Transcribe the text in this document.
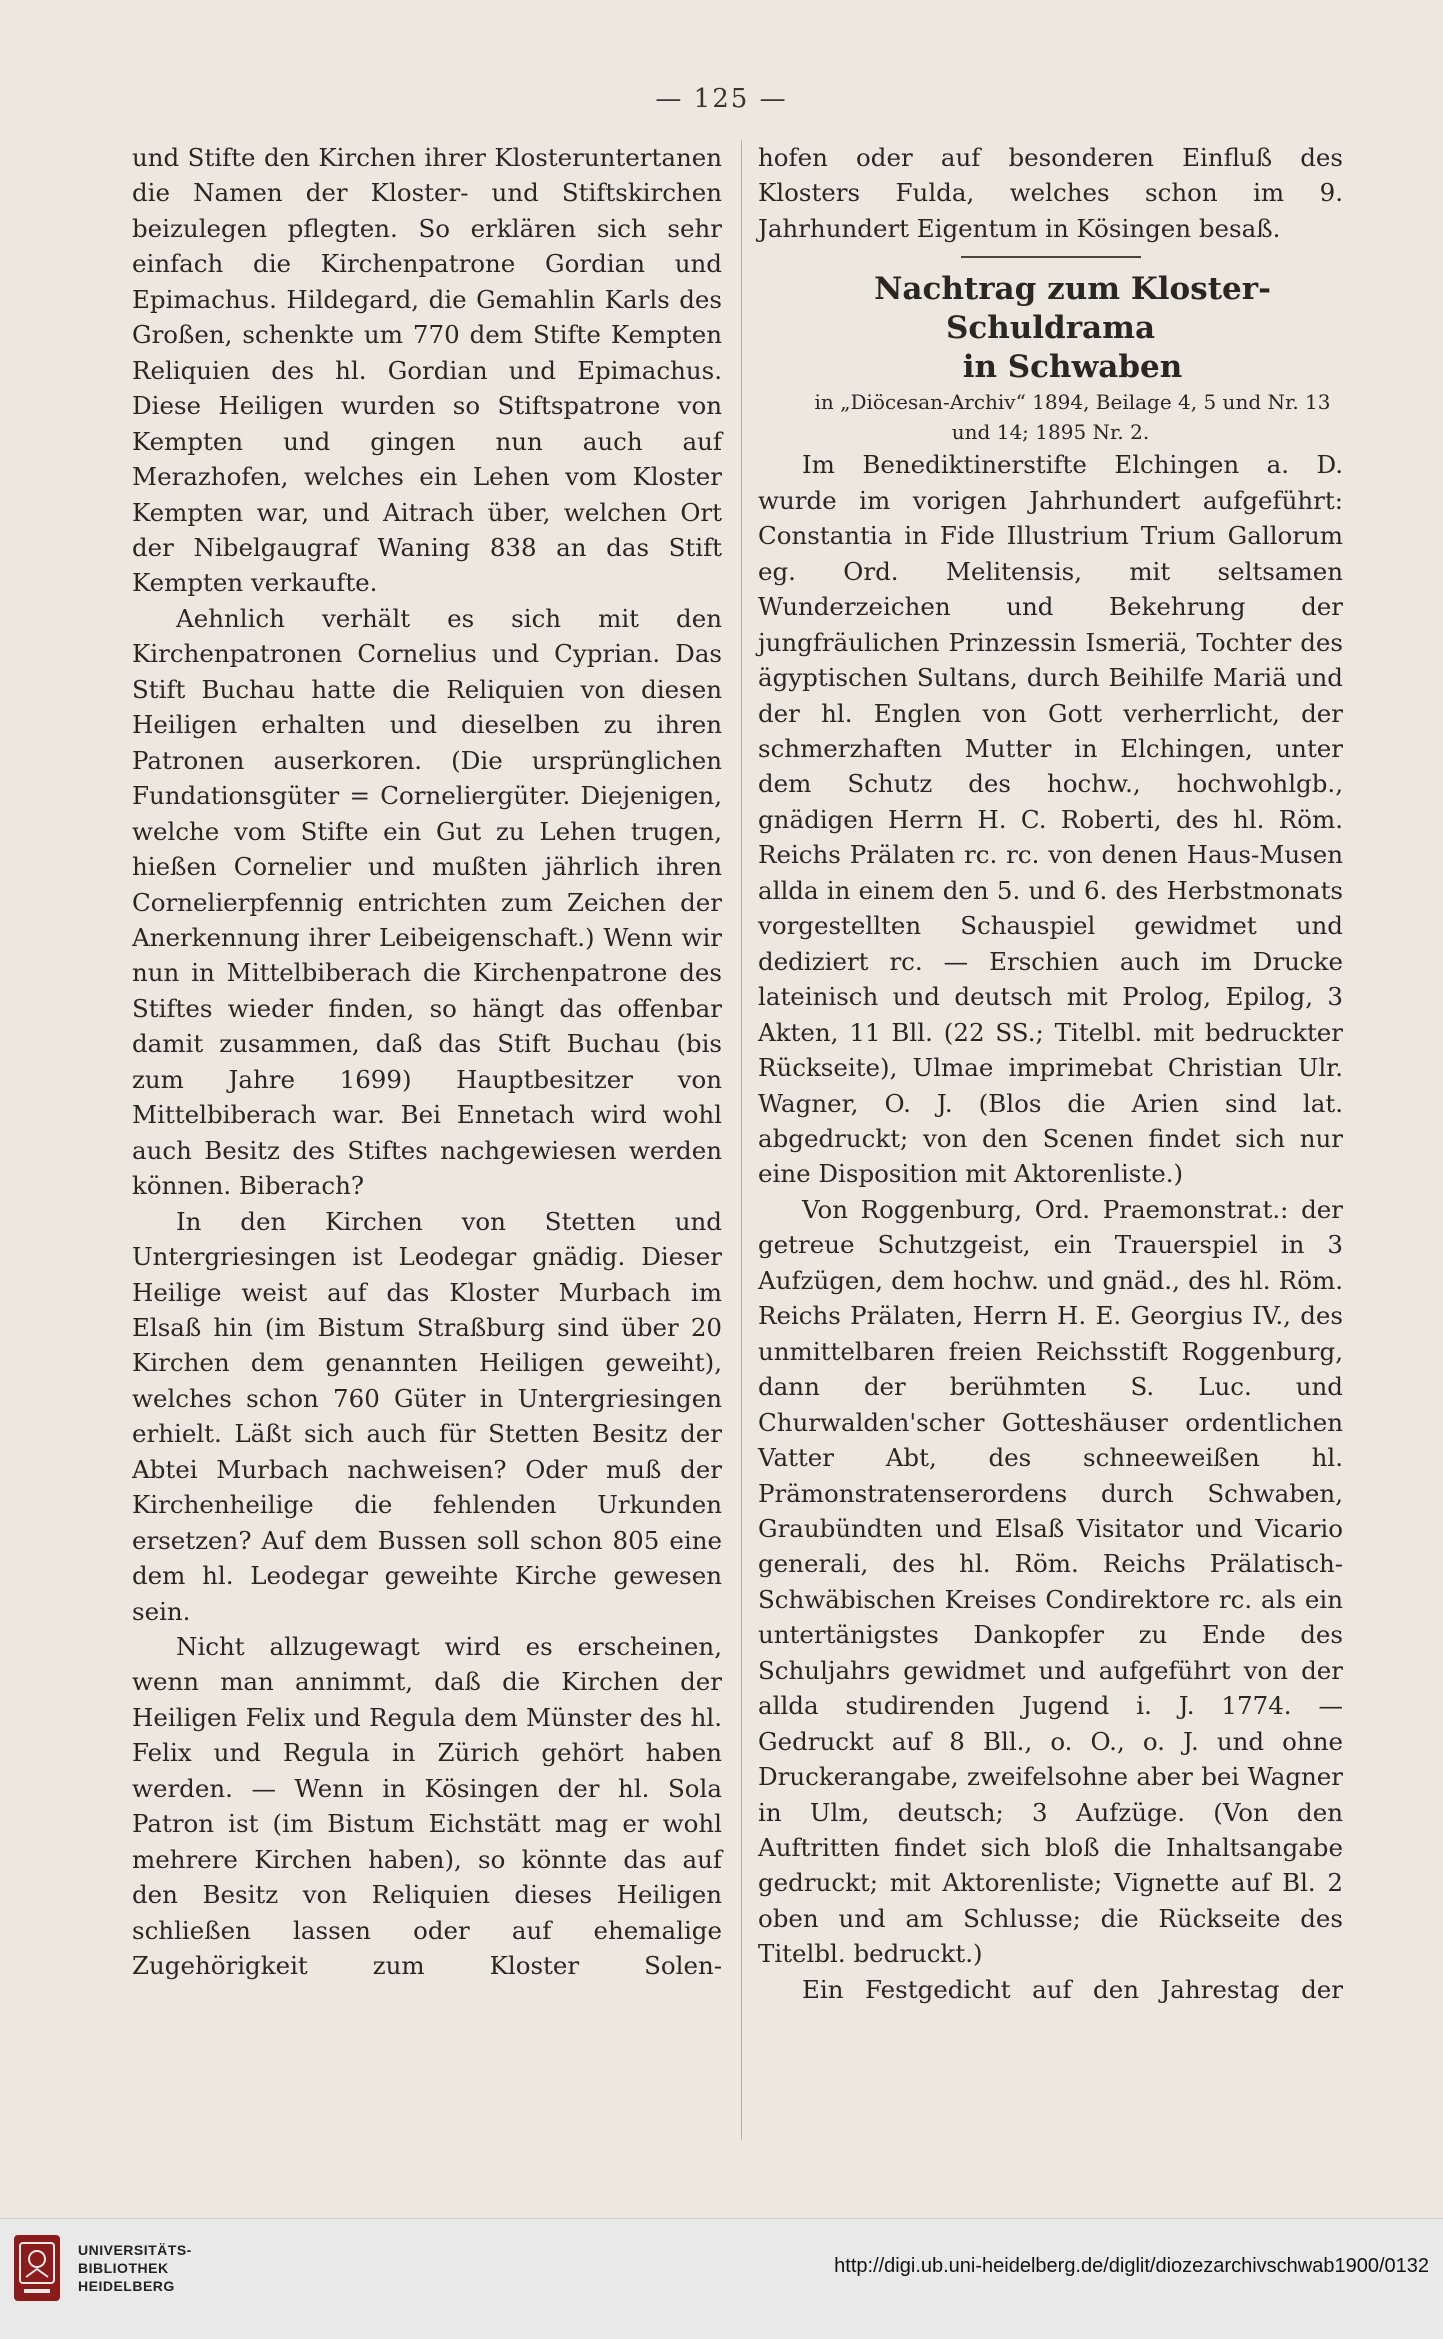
— 125 —

und Stifte den Kirchen ihrer Klosteruntertanen die Namen der Kloster- und Stiftskirchen beizulegen pflegten. So erklären sich sehr einfach die Kirchenpatrone Gordian und Epimachus. Hildegard, die Gemahlin Karls des Großen, schenkte um 770 dem Stifte Kempten Reliquien des hl. Gordian und Epimachus. Diese Heiligen wurden so Stiftspatrone von Kempten und gingen nun auch auf Merazhofen, welches ein Lehen vom Kloster Kempten war, und Aitrach über, welchen Ort der Nibelgaugraf Waning 838 an das Stift Kempten verkaufte.

Aehnlich verhält es sich mit den Kirchenpatronen Cornelius und Cyprian. Das Stift Buchau hatte die Reliquien von diesen Heiligen erhalten und dieselben zu ihren Patronen auserkoren. (Die ursprünglichen Fundationsgüter = Corneliergüter. Diejenigen, welche vom Stifte ein Gut zu Lehen trugen, hießen Cornelier und mußten jährlich ihren Cornelierpfennig entrichten zum Zeichen der Anerkennung ihrer Leibeigenschaft.) Wenn wir nun in Mittelbiberach die Kirchenpatrone des Stiftes wieder finden, so hängt das offenbar damit zusammen, daß das Stift Buchau (bis zum Jahre 1699) Hauptbesitzer von Mittelbiberach war. Bei Ennetach wird wohl auch Besitz des Stiftes nachgewiesen werden können. Biberach?

In den Kirchen von Stetten und Untergriesingen ist Leodegar gnädig. Dieser Heilige weist auf das Kloster Murbach im Elsaß hin (im Bistum Straßburg sind über 20 Kirchen dem genannten Heiligen geweiht), welches schon 760 Güter in Untergriesingen erhielt. Läßt sich auch für Stetten Besitz der Abtei Murbach nachweisen? Oder muß der Kirchenheilige die fehlenden Urkunden ersetzen? Auf dem Bussen soll schon 805 eine dem hl. Leodegar geweihte Kirche gewesen sein.

Nicht allzugewagt wird es erscheinen, wenn man annimmt, daß die Kirchen der Heiligen Felix und Regula dem Münster des hl. Felix und Regula in Zürich gehört haben werden. — Wenn in Kösingen der hl. Sola Patron ist (im Bistum Eichstätt mag er wohl mehrere Kirchen haben), so könnte das auf den Besitz von Reliquien dieses Heiligen schließen lassen oder auf ehemalige Zugehörigkeit zum Kloster Solen-

hofen oder auf besonderen Einfluß des Klosters Fulda, welches schon im 9. Jahrhundert Eigentum in Kösingen besaß.

Nachtrag zum Kloster-Schuldrama
in Schwaben

in „Diöcesan-Archiv“ 1894, Beilage 4, 5 und Nr. 13 und 14; 1895 Nr. 2.

Im Benediktinerstifte Elchingen a. D. wurde im vorigen Jahrhundert aufgeführt: Constantia in Fide Illustrium Trium Gallorum eg. Ord. Melitensis, mit seltsamen Wunderzeichen und Bekehrung der jungfräulichen Prinzessin Ismeriä, Tochter des ägyptischen Sultans, durch Beihilfe Mariä und der hl. Englen von Gott verherrlicht, der schmerzhaften Mutter in Elchingen, unter dem Schutz des hochw., hochwohlgb., gnädigen Herrn H. C. Roberti, des hl. Röm. Reichs Prälaten rc. rc. von denen Haus-Musen allda in einem den 5. und 6. des Herbstmonats vorgestellten Schauspiel gewidmet und dediziert rc. — Erschien auch im Drucke lateinisch und deutsch mit Prolog, Epilog, 3 Akten, 11 Bll. (22 SS.; Titelbl. mit bedruckter Rückseite), Ulmae imprimebat Christian Ulr. Wagner, O. J. (Blos die Arien sind lat. abgedruckt; von den Scenen findet sich nur eine Disposition mit Aktorenliste.)

Von Roggenburg, Ord. Praemonstrat.: der getreue Schutzgeist, ein Trauerspiel in 3 Aufzügen, dem hochw. und gnäd., des hl. Röm. Reichs Prälaten, Herrn H. E. Georgius IV., des unmittelbaren freien Reichsstift Roggenburg, dann der berühmten S. Luc. und Churwalden'scher Gotteshäuser ordentlichen Vatter Abt, des schneeweißen hl. Prämonstratenserordens durch Schwaben, Graubündten und Elsaß Visitator und Vicario generali, des hl. Röm. Reichs Prälatisch-Schwäbischen Kreises Condirektore rc. als ein untertänigstes Dankopfer zu Ende des Schuljahrs gewidmet und aufgeführt von der allda studirenden Jugend i. J. 1774. — Gedruckt auf 8 Bll., o. O., o. J. und ohne Druckerangabe, zweifelsohne aber bei Wagner in Ulm, deutsch; 3 Aufzüge. (Von den Auftritten findet sich bloß die Inhaltsangabe gedruckt; mit Aktorenliste; Vignette auf Bl. 2 oben und am Schlusse; die Rückseite des Titelbl. bedruckt.)

Ein Festgedicht auf den Jahrestag der

UNIVERSITÄTS-
BIBLIOTHEK
HEIDELBERG
http://digi.ub.uni-heidelberg.de/diglit/diozezarchivschwab1900/0132
